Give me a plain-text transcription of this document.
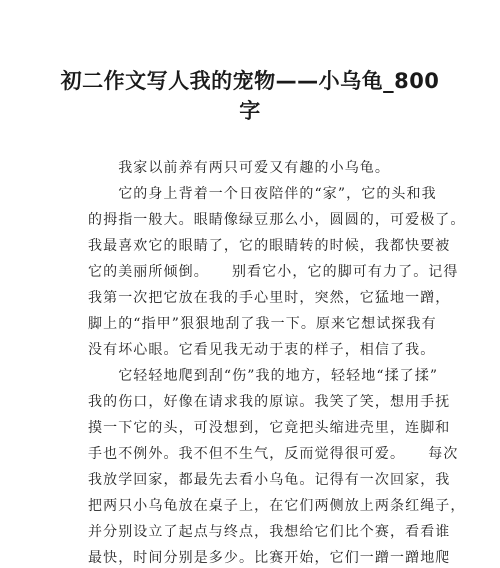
初二作文写人我的宠物——小乌龟_800字
　　我家以前养有两只可爱又有趣的小乌龟。
　　它的身上背着一个日夜陪伴的“家”，它的头和我
的拇指一般大。眼睛像绿豆那么小，圆圆的，可爱极了。
我最喜欢它的眼睛了，它的眼睛转的时候，我都快要被
它的美丽所倾倒。　　别看它小，它的脚可有力了。记得
我第一次把它放在我的手心里时，突然，它猛地一蹭，
脚上的“指甲”狠狠地刮了我一下。原来它想试探我有
没有坏心眼。它看见我无动于衷的样子，相信了我。
　　它轻轻地爬到刮“伤”我的地方，轻轻地“揉了揉”
我的伤口，好像在请求我的原谅。我笑了笑，想用手抚
摸一下它的头，可没想到，它竟把头缩进壳里，连脚和
手也不例外。我不但不生气，反而觉得很可爱。　　每次
我放学回家，都最先去看小乌龟。记得有一次回家，我
把两只小乌龟放在桌子上，在它们两侧放上两条红绳子，
并分别设立了起点与终点，我想给它们比个赛，看看谁
最快，时间分别是多少。比赛开始，它们一蹭一蹭地爬
